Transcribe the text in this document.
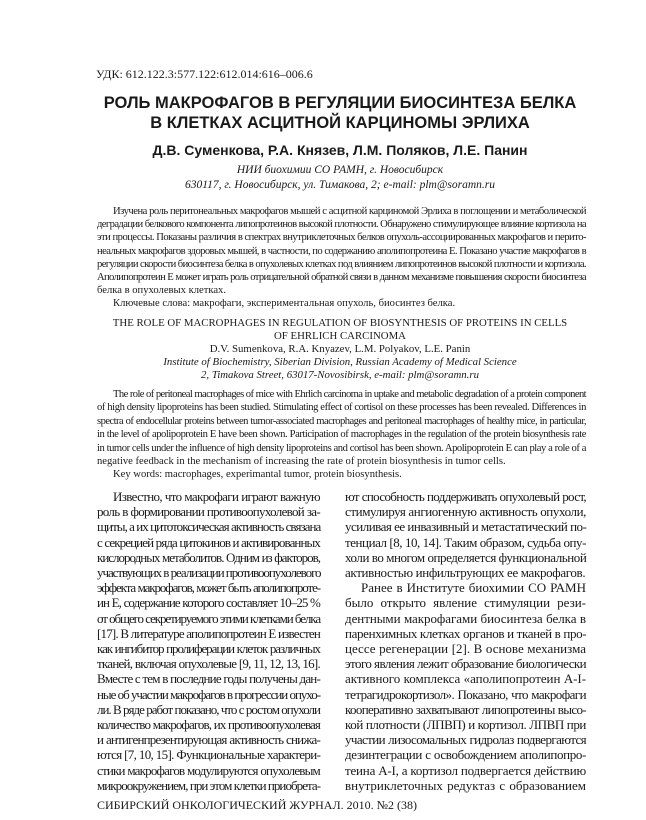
УДК: 612.122.3:577.122:612.014:616–006.6
РОЛЬ МАКРОФАГОВ В РЕГУЛЯЦИИ БИОСИНТЕЗА БЕЛКА
В КЛЕТКАХ АСЦИТНОЙ КАРЦИНОМЫ ЭРЛИХА
Д.В. Суменкова, Р.А. Князев, Л.М. Поляков, Л.Е. Панин
НИИ биохимии СО РАМН, г. Новосибирск
630117, г. Новосибирск, ул. Тимакова, 2; e-mail: plm@soramn.ru
Изучена роль перитонеальных макрофагов мышей с асцитной карциномой Эрлиха в поглощении и метаболической
деградации белкового компонента липопротеинов высокой плотности. Обнаружено стимулирующее влияние кортизола на
эти процессы. Показаны различия в спектрах внутриклеточных белков опухоль-ассоциированных макрофагов и перито-
неальных макрофагов здоровых мышей, в частности, по содержанию аполипопротеина Е. Показано участие макрофагов в
регуляции скорости биосинтеза белка в опухолевых клетках под влиянием липопротеинов высокой плотности и кортизола.
Аполипопротеин Е может играть роль отрицательной обратной связи в данном механизме повышения скорости биосинтеза
белка в опухолевых клетках.
Ключевые слова: макрофаги, экспериментальная опухоль, биосинтез белка.
THE ROLE OF MACROPHAGES IN REGULATION OF BIOSYNTHESIS OF PROTEINS IN CELLS
OF EHRLICH CARCINOMA
D.V. Sumenkova, R.A. Knyazev, L.M. Polyakov, L.E. Panin
Institute of Biochemistry, Siberian Division, Russian Academy of Medical Science
2, Timakova Street, 63017-Novosibirsk, e-mail: plm@soramn.ru
The role of peritoneal macrophages of mice with Ehrlich carcinoma in uptake and metabolic degradation of a protein component
of high density lipoproteins has been studied. Stimulating effect of cortisol on these processes has been revealed. Differences in
spectra of endocellular proteins between tumor-associated macrophages and peritoneal macrophages of healthy mice, in particular,
in the level of apolipoprotein E have been shown. Participation of macrophages in the regulation of the protein biosynthesis rate
in tumor cells under the influence of high density lipoproteins and cortisol has been shown. Apolipoprotein E can play a role of a
negative feedback in the mechanism of increasing the rate of protein biosynthesis in tumor cells.
Key words: macrophages, experimantal tumor, protein biosynthesis.
Известно, что макрофаги играют важную
роль в формировании противоопухолевой за-
щиты, а их цитотоксическая активность связана
с секрецией ряда цитокинов и активированных
кислородных метаболитов. Одним из факторов,
участвующих в реализации противоопухолевого
эффекта макрофагов, может быть аполипопроте-
ин Е, содержание которого составляет 10–25 %
от общего секретируемого этими клетками белка
[17]. В литературе аполипопротеин Е известен
как ингибитор пролиферации клеток различных
тканей, включая опухолевые [9, 11, 12, 13, 16].
Вместе с тем в последние годы получены дан-
ные об участии макрофагов в прогрессии опухо-
ли. В ряде работ показано, что с ростом опухоли
количество макрофагов, их противоопухолевая
и антигенпрезентирующая активность снижа-
ются [7, 10, 15]. Функциональные характери-
стики макрофагов модулируются опухолевым
микроокружением, при этом клетки приобрета-
ют способность поддерживать опухолевый рост,
стимулируя ангиогенную активность опухоли,
усиливая ее инвазивный и метастатический по-
тенциал [8, 10, 14]. Таким образом, судьба опу-
холи во многом определяется функциональной
активностью инфильтрующих ее макрофагов.
Ранее в Институте биохимии СО РАМН
было открыто явление стимуляции рези-
дентными макрофагами биосинтеза белка в
паренхимных клетках органов и тканей в про-
цессе регенерации [2]. В основе механизма
этого явления лежит образование биологически
активного комплекса «аполипопротеин А-I-
тетрагидрокортизол». Показано, что макрофаги
кооперативно захватывают липопротеины высо-
кой плотности (ЛПВП) и кортизол. ЛПВП при
участии лизосомальных гидролаз подвергаются
дезинтеграции с освобождением аполипопро-
теина А-I, а кортизол подвергается действию
внутриклеточных редуктаз с образованием
СИБИРСКИЙ ОНКОЛОГИЧЕСКИЙ ЖУРНАЛ. 2010. №2 (38)
